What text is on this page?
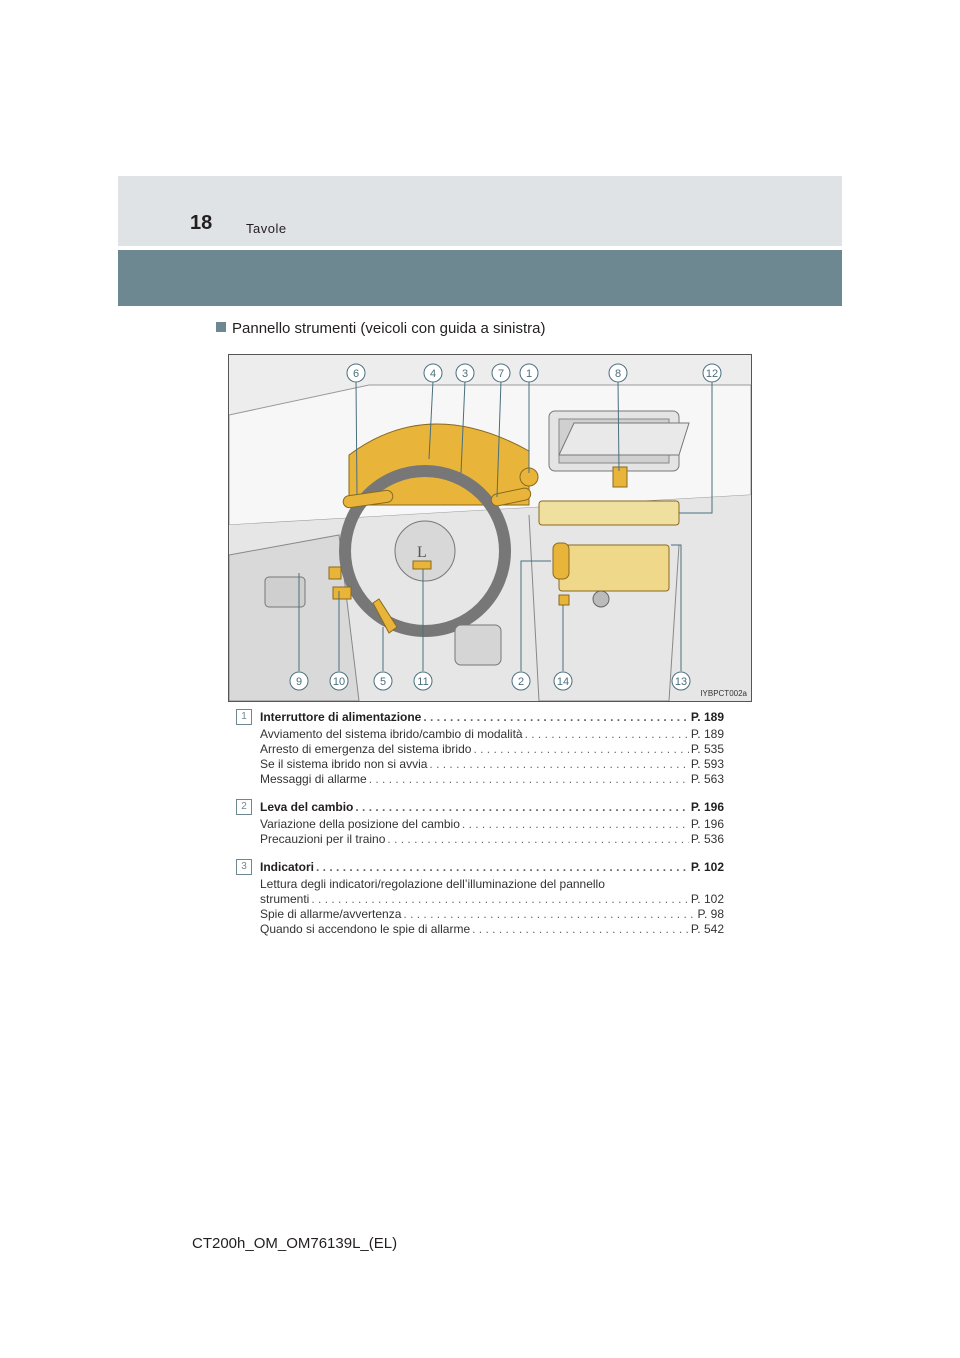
18	Tavole
Pannello strumenti (veicoli con guida a sinistra)
L
6	4 3	7 1	8	12
9	10	5	11	2	14	13
IYBPCT002a
1	Interruttore di alimentazione . . .	P. 189
Avviamento del sistema ibrido/cambio di modalità . . .	P. 189
Arresto di emergenza del sistema ibrido . . .	P. 535
Se il sistema ibrido non si avvia . . .	P. 593
Messaggi di allarme . . .	P. 563
2	Leva del cambio . . .	P. 196
Variazione della posizione del cambio . . .	P. 196
Precauzioni per il traino . . .	P. 536
3	Indicatori . . .	P. 102
Lettura degli indicatori/regolazione dell’illuminazione del pannello
strumenti . . .	P. 102
Spie di allarme/avvertenza . . .	P. 98
Quando si accendono le spie di allarme . . .	P. 542
CT200h_OM_OM76139L_(EL)
